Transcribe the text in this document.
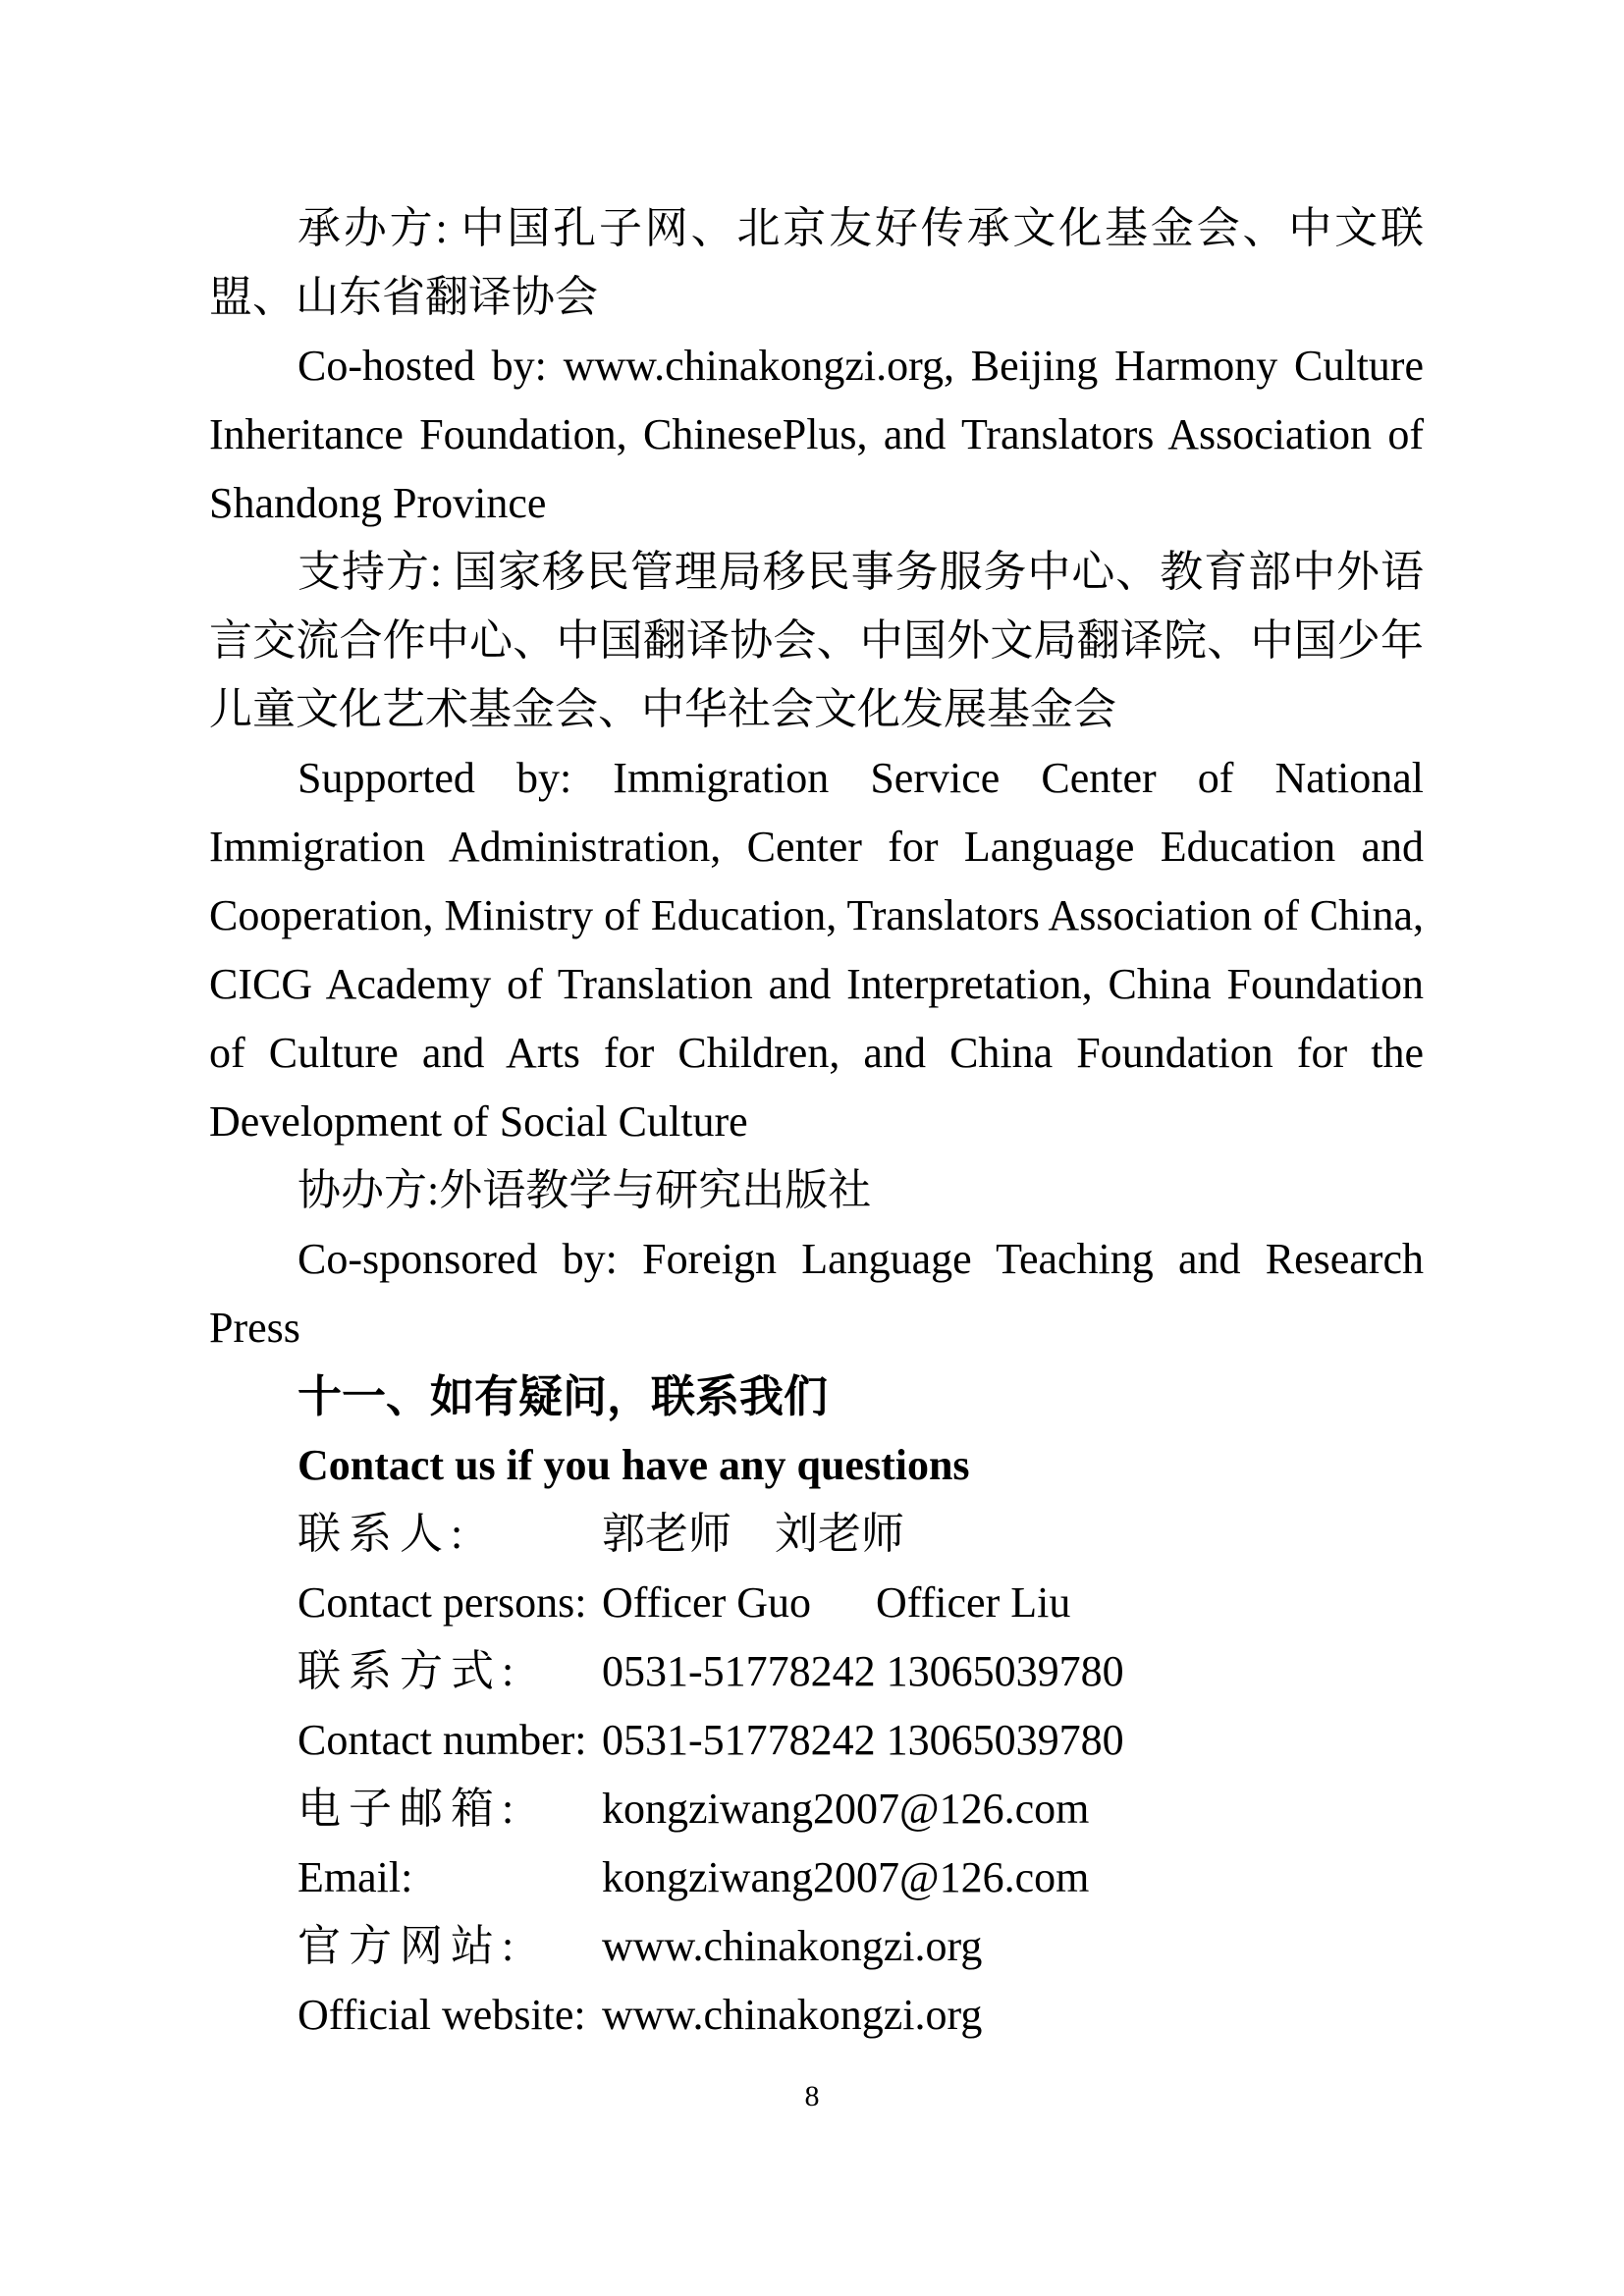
承办方: 中国孔子网、北京友好传承文化基金会、中文联盟、山东省翻译协会

Co-hosted by: www.chinakongzi.org, Beijing Harmony Culture Inheritance Foundation, ChinesePlus, and Translators Association of Shandong Province

支持方: 国家移民管理局移民事务服务中心、教育部中外语言交流合作中心、中国翻译协会、中国外文局翻译院、中国少年儿童文化艺术基金会、中华社会文化发展基金会

Supported by: Immigration Service Center of National Immigration Administration, Center for Language Education and Cooperation, Ministry of Education, Translators Association of China, CICG Academy of Translation and Interpretation, China Foundation of Culture and Arts for Children, and China Foundation for the Development of Social Culture

协办方:外语教学与研究出版社

Co-sponsored by: Foreign Language Teaching and Research Press

十一、如有疑问，联系我们
Contact us if you have any questions
联系人:	郭老师　刘老师
Contact persons: Officer Guo      Officer Liu
联系方式:	0531-51778242 13065039780
Contact number: 0531-51778242 13065039780
电子邮箱:	kongziwang2007@126.com
Email:	kongziwang2007@126.com
官方网站:	www.chinakongzi.org
Official website: www.chinakongzi.org
8
